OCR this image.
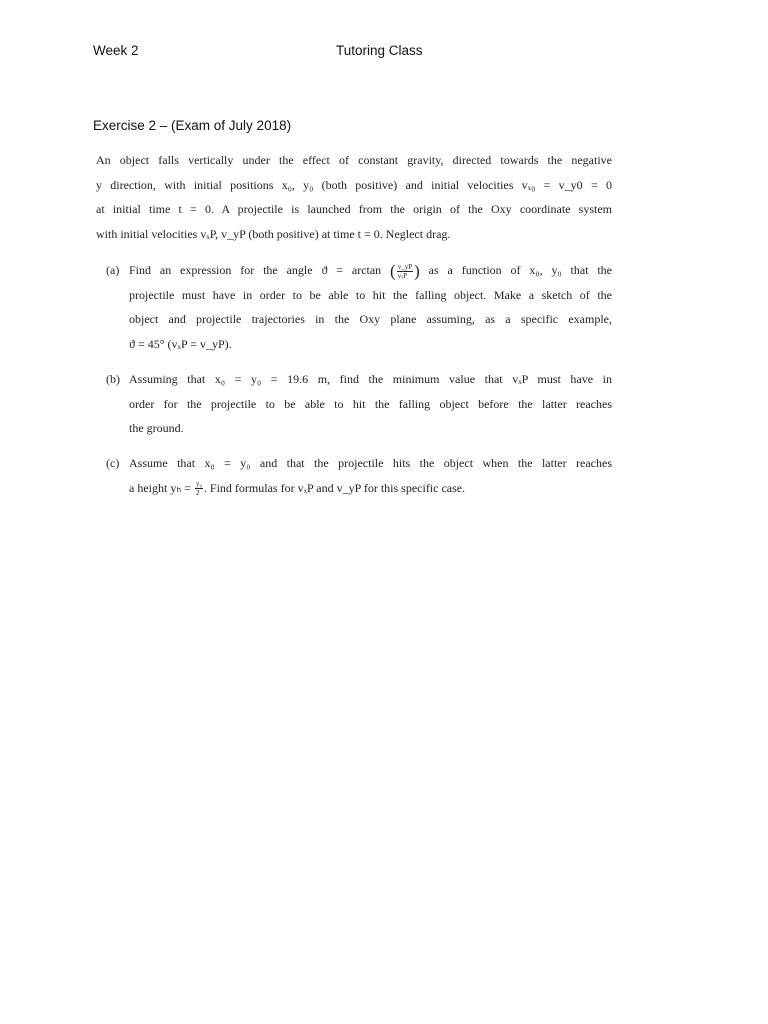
Week 2	Tutoring Class
Exercise 2 – (Exam of July 2018)
An object falls vertically under the effect of constant gravity, directed towards the negative
y direction, with initial positions x₀, y₀ (both positive) and initial velocities vₓ₀ = v_y0 = 0
at initial time t = 0. A projectile is launched from the origin of the Oxy coordinate system
with initial velocities vₓP, v_yP (both positive) at time t = 0. Neglect drag.
(a) Find an expression for the angle ϑ = arctan ( $\frac{v\_yP}{\text{vₓP}}$ ) as a function of x₀, y₀ that the
projectile must have in order to be able to hit the falling object. Make a sketch of the
object and projectile trajectories in the Oxy plane assuming, as a specific example,
ϑ = 45° (vₓP = v_yP).
(b) Assuming that x₀ = y₀ = 19.6 m, find the minimum value that vₓP must have in
order for the projectile to be able to hit the falling object before the latter reaches
the ground.
(c) Assume that x₀ = y₀ and that the projectile hits the object when the latter reaches
a height $y_h = \frac{\text{y₀}}{2}$ . Find formulas for vₓP and v_yP for this specific case.
